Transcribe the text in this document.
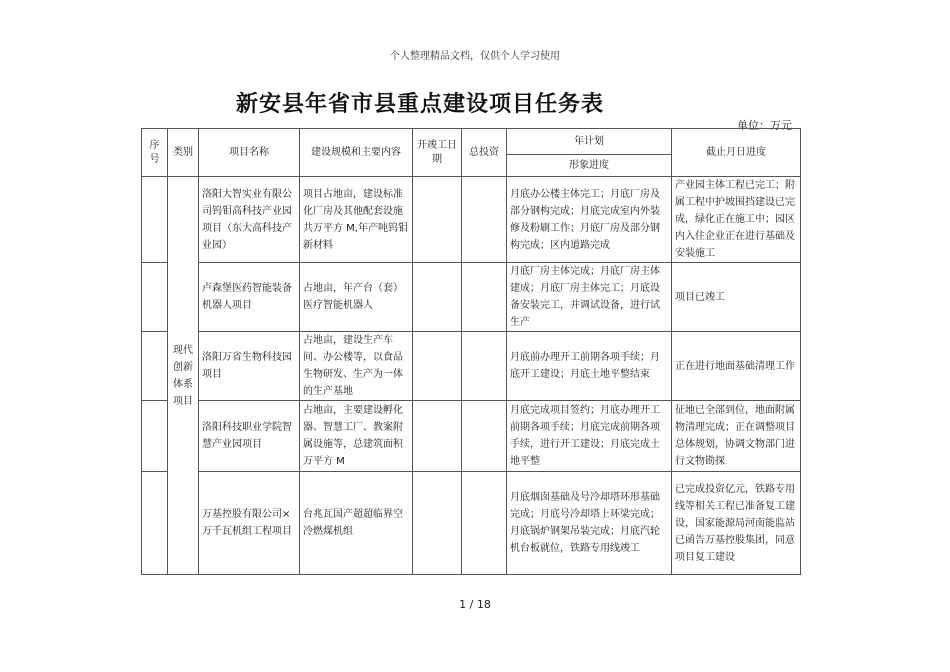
个人整理精品文档，仅供个人学习使用
新安县年省市县重点建设项目任务表
单位：万元
序号	类别	项目名称	建设规模和主要内容	开竣工日期	总投资	年计划	截止月日进度
						形象进度	
	现代创新体系项目	洛阳大智实业有限公司钨钼高科技产业园项目（东大高科技产业园）	项目占地亩，建设标准化厂房及其他配套设施共万平方 M,年产吨钨钼新材料			月底办公楼主体完工；月底厂房及部分钢构完成；月底完成室内外装修及粉刷工作；月底厂房及部分钢构完成；区内道路完成	产业园主体工程已完工；附属工程中护坡围挡建设已完成，绿化正在施工中；园区内入住企业正在进行基础及安装施工
		卢森堡医药智能装备机器人项目	占地亩，年产台（套）医疗智能机器人			月底厂房主体完成；月底厂房主体建成；月底厂房主体完工；月底设备安装完工，并调试设备，进行试生产	项目已竣工
		洛阳万省生物科技园项目	占地亩，建设生产车间、办公楼等，以食品生物研发、生产为一体的生产基地			月底前办理开工前期各项手续；月底开工建设；月底土地平整结束	正在进行地面基础清理工作
		洛阳科技职业学院智慧产业园项目	占地亩，主要建设孵化器、智慧工厂、教案附属设施等，总建筑面积万平方 M			月底完成项目签约；月底办理开工前期各项手续；月底完成前期各项手续，进行开工建设；月底完成土地平整	征地已全部到位，地面附属物清理完成；正在调整项目总体规划，协调文物部门进行文物勘探
		万基控股有限公司×万千瓦机组工程项目	台兆瓦国产超超临界空冷燃煤机组			月底烟囱基础及号冷却塔环形基础完成；月底号冷却塔上环梁完成；月底锅炉钢架吊装完成；月底汽轮机台板就位，铁路专用线竣工	已完成投资亿元，铁路专用线等相关工程已准备复工建设，国家能源局河南能监站已函告万基控股集团，同意项目复工建设
1 / 18
